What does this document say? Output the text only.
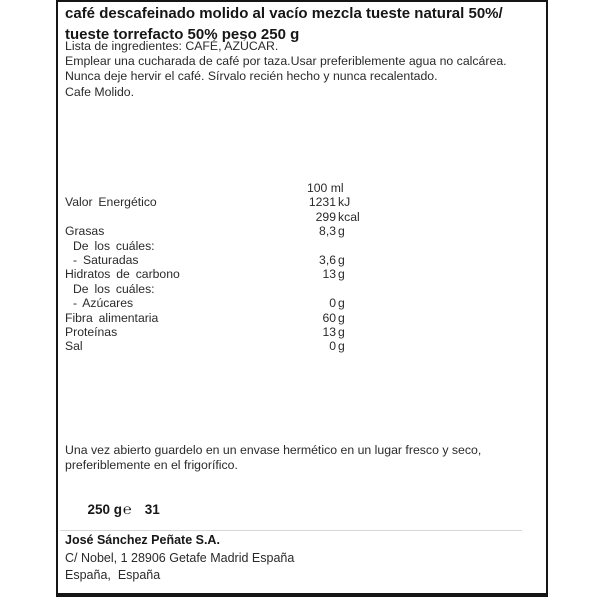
café descafeinado molido al vacío mezcla tueste natural 50%/
tueste torrefacto 50% peso 250 g
Lista de ingredientes: CAFÉ, AZÚCAR.
Emplear una cucharada de café por taza.Usar preferiblemente agua no calcárea.
Nunca deje hervir el café. Sírvalo recién hecho y nunca recalentado.
Cafe Molido.
100 ml
Valor Energético	1231 kJ
299 kcal
Grasas	8,3 g
De los cuáles:
- Saturadas	3,6 g
Hidratos de carbono	13 g
De los cuáles:
- Azúcares	0 g
Fibra alimentaria	60 g
Proteínas	13 g
Sal	0 g
Una vez abierto guardelo en un envase hermético en un lugar fresco y seco,
preferiblemente en el frigorífico.

250 g℮ 31

José Sánchez Peñate S.A.
C/ Nobel, 1 28906 Getafe Madrid España
España,  España
